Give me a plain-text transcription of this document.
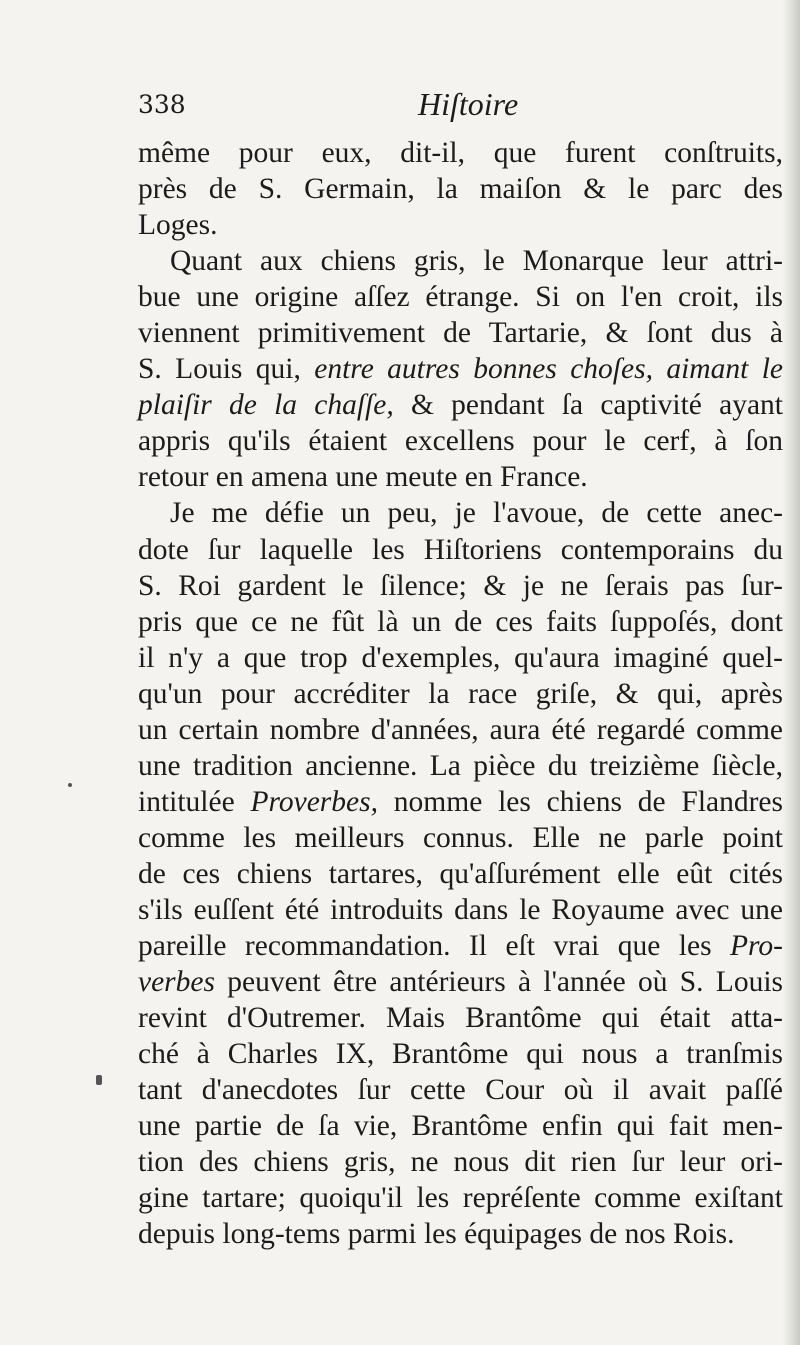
338	Hiſtoire
même pour eux, dit-il, que furent conſtruits,
près de S. Germain, la maiſon & le parc des
Loges.
Quant aux chiens gris, le Monarque leur attri-
bue une origine aſſez étrange. Si on l'en croit, ils
viennent primitivement de Tartarie, & ſont dus à
S. Louis qui, entre autres bonnes choſes, aimant le
plaiſir de la chaſſe, & pendant ſa captivité ayant
appris qu'ils étaient excellens pour le cerf, à ſon
retour en amena une meute en France.
Je me défie un peu, je l'avoue, de cette anec-
dote ſur laquelle les Hiſtoriens contemporains du
S. Roi gardent le ſilence; & je ne ſerais pas ſur-
pris que ce ne fût là un de ces faits ſuppoſés, dont
il n'y a que trop d'exemples, qu'aura imaginé quel-
qu'un pour accréditer la race griſe, & qui, après
un certain nombre d'années, aura été regardé comme
une tradition ancienne. La pièce du treizième ſiècle,
intitulée Proverbes, nomme les chiens de Flandres
comme les meilleurs connus. Elle ne parle point
de ces chiens tartares, qu'aſſurément elle eût cités
s'ils euſſent été introduits dans le Royaume avec une
pareille recommandation. Il eſt vrai que les Pro-
verbes peuvent être antérieurs à l'année où S. Louis
revint d'Outremer. Mais Brantôme qui était atta-
ché à Charles IX, Brantôme qui nous a tranſmis
tant d'anecdotes ſur cette Cour où il avait paſſé
une partie de ſa vie, Brantôme enfin qui fait men-
tion des chiens gris, ne nous dit rien ſur leur ori-
gine tartare; quoiqu'il les repréſente comme exiſtant
depuis long-tems parmi les équipages de nos Rois.
